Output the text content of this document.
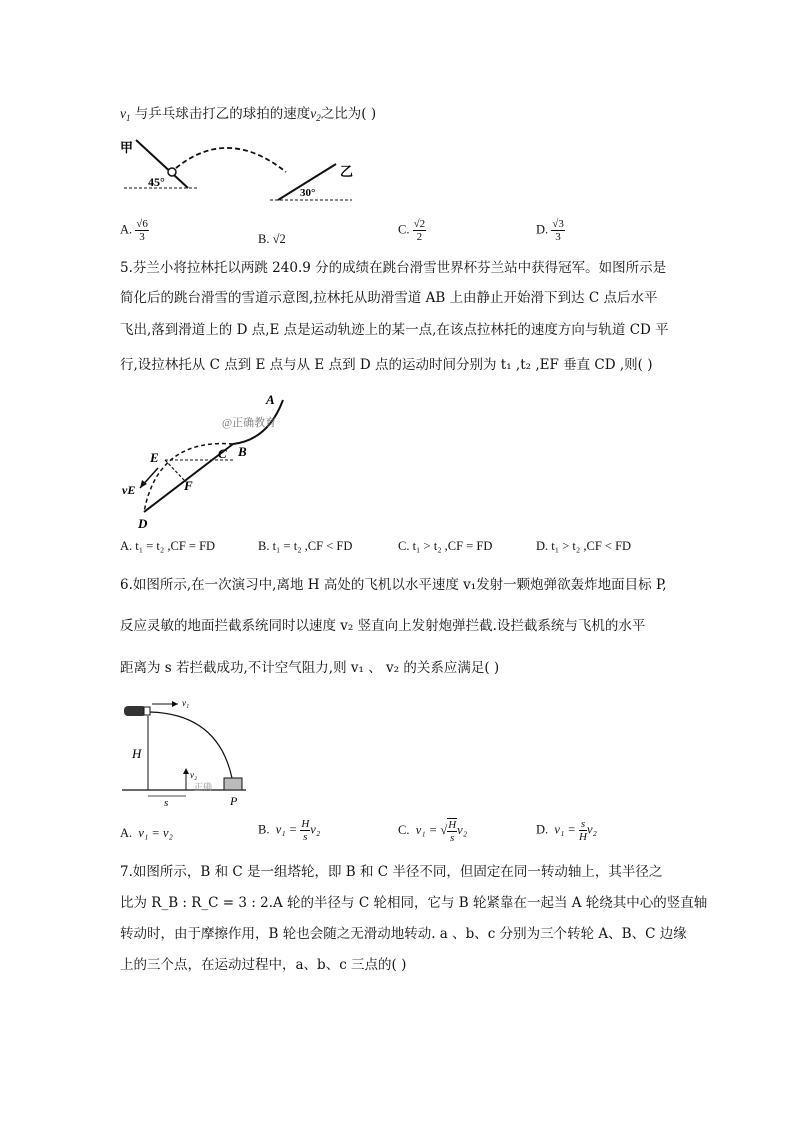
$v_1$ 与乒乓球击打乙的球拍的速度$v_2$之比为( )
甲
45°
乙
30°
A. $\frac{√6}{3}$	B. √2
C. $\frac{√2}{2}$	D. $\frac{√3}{3}$
5.芬兰小将拉林托以两跳 240.9 分的成绩在跳台滑雪世界杯芬兰站中获得冠军。如图所示是
简化后的跳台滑雪的雪道示意图,拉林托从助滑雪道 AB 上由静止开始滑下到达 C 点后水平
飞出,落到滑道上的 D 点,E 点是运动轨迹上的某一点,在该点拉林托的速度方向与轨道 CD 平
行,设拉林托从 C 点到 E 点与从 E 点到 D 点的运动时间分别为 t₁ ,t₂ ,EF 垂直 CD ,则( )
A
B
C
E
F
vE
D
@正确教育
A. t₁ = t₂ ,CF = FD	B. t₁ = t₂ ,CF < FD	C. t₁ > t₂ ,CF = FD	D. t₁ > t₂ ,CF < FD
6.如图所示,在一次演习中,离地 H 高处的飞机以水平速度 v₁发射一颗炮弹欲轰炸地面目标 P,
反应灵敏的地面拦截系统同时以速度 v₂ 竖直向上发射炮弹拦截.设拦截系统与飞机的水平
距离为 s 若拦截成功,不计空气阻力,则 v₁ 、 v₂ 的关系应满足( )
v₁
H
v₂
P
s
正确
A. v₁ = v₂	B. $v_1 = \frac{H}{s} v_2$	C. v₁ = √ $\frac{H}{s} v_2$	D. $v_1 = \frac{s}{H} v_2$
7.如图所示，B 和 C 是一组塔轮，即 B 和 C 半径不同，但固定在同一转动轴上，其半径之
比为 R_B : R_C = 3 : 2.A 轮的半径与 C 轮相同，它与 B 轮紧靠在一起当 A 轮绕其中心的竖直轴
转动时，由于摩擦作用，B 轮也会随之无滑动地转动. a 、b、c 分别为三个转轮 A、B、C 边缘
上的三个点，在运动过程中，a、b、c 三点的( )
